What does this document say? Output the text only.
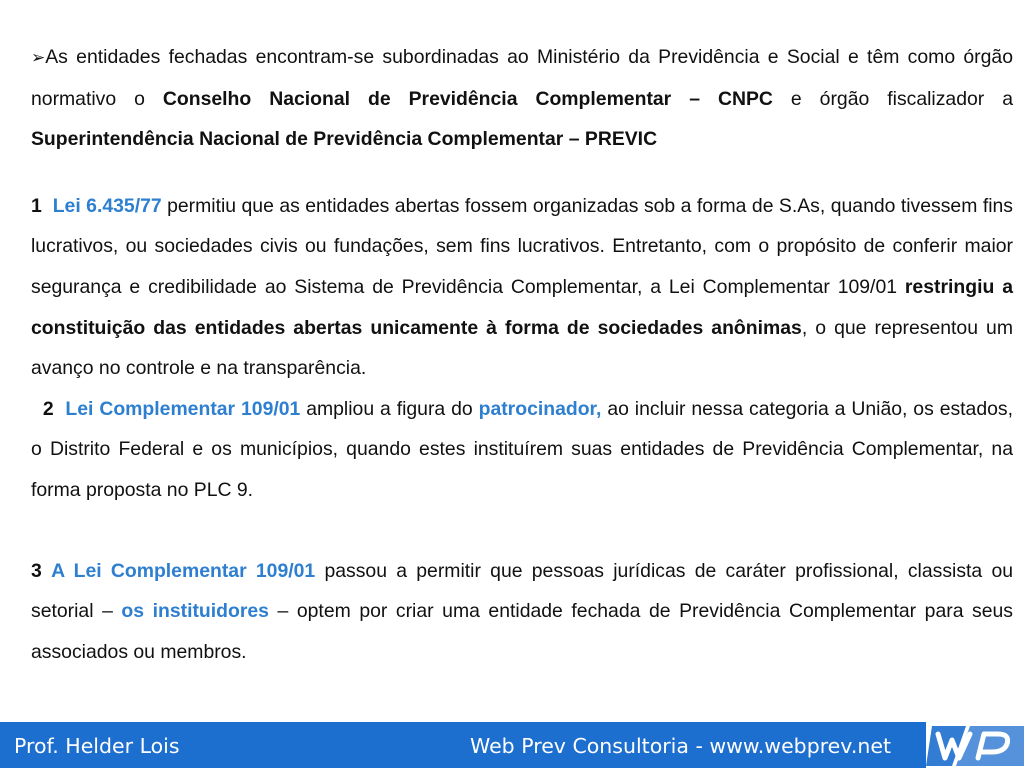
➢As entidades fechadas encontram-se subordinadas ao Ministério da Previdência e Social e têm como órgão normativo o Conselho Nacional de Previdência Complementar – CNPC e órgão fiscalizador a Superintendência Nacional de Previdência Complementar – PREVIC

1 Lei 6.435/77 permitiu que as entidades abertas fossem organizadas sob a forma de S.As, quando tivessem fins lucrativos, ou sociedades civis ou fundações, sem fins lucrativos. Entretanto, com o propósito de conferir maior segurança e credibilidade ao Sistema de Previdência Complementar, a Lei Complementar 109/01 restringiu a constituição das entidades abertas unicamente à forma de sociedades anônimas, o que representou um avanço no controle e na transparência.

2 Lei Complementar 109/01 ampliou a figura do patrocinador, ao incluir nessa categoria a União, os estados, o Distrito Federal e os municípios, quando estes instituírem suas entidades de Previdência Complementar, na forma proposta no PLC 9.

3 A Lei Complementar 109/01 passou a permitir que pessoas jurídicas de caráter profissional, classista ou setorial – os instituidores – optem por criar uma entidade fechada de Previdência Complementar para seus associados ou membros.

Prof. Helder Lois	Web Prev Consultoria - www.webprev.net
